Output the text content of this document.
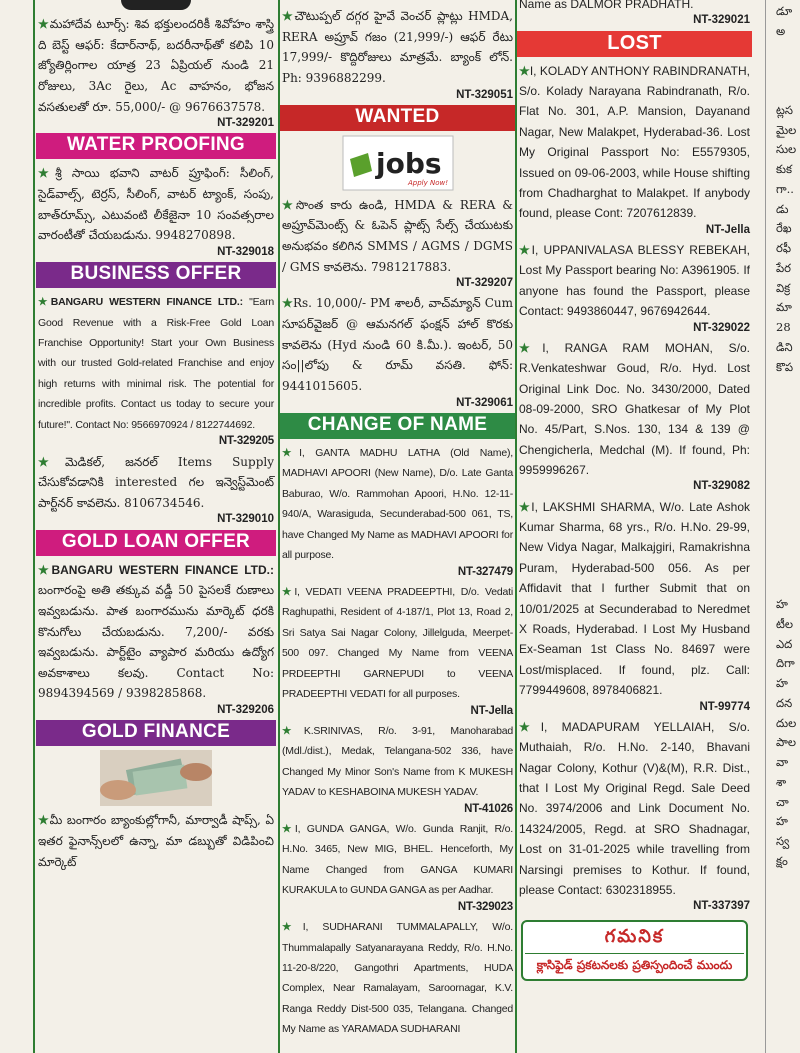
★మహాదేవ టూర్స్: శివ భక్తులందరికీ శివోహం శాస్త్రి ది బెస్ట్ ఆఫర్: కేదార్‌నాథ్, బదరీనాథ్‌తో కలిపి 10 జ్యోతిర్లింగాల యాత్ర 23 ఏప్రియల్ నుండి 21 రోజులు, 3Ac రైలు, Ac వాహనం, భోజన వసతులతో రూ. 55,000/- @ 9676637578.
NT-329201
WATER PROOFING
★శ్రీ సాయి భవాని వాటర్ ప్రూఫింగ్: సీలింగ్, సైడ్‌వాల్స్, టెర్రస్, సీలింగ్, వాటర్ ట్యాంక్, సంపు, బాత్‌రూమ్స్, ఎటువంటి లీకేజైనా 10 సంవత్సరాల వారంటీతో చేయబడును. 9948270898.
NT-329018
BUSINESS OFFER
★BANGARU WESTERN FINANCE LTD.: "Earn Good Revenue with a Risk-Free Gold Loan Franchise Opportunity! Start your Own Business with our trusted Gold-related Franchise and enjoy high returns with minimal risk. The potential for incredible profits. Contact us today to secure your future!". Contact No: 9566970924 / 8122744692.
NT-329205
★మెడికల్, జనరల్ Items Supply చేసుకోవడానికి interested గల ఇన్వెస్ట్‌మెంట్ పార్ట్‌నర్ కావలెను. 8106734546.
NT-329010
GOLD LOAN OFFER
★BANGARU WESTERN FINANCE LTD.: బంగారంపై అతి తక్కువ వడ్డీ 50 పైసలకే రుణాలు ఇవ్వబడును. పాత బంగారమును మార్కెట్ ధరకి కొనుగోలు చేయబడును. 7,200/- వరకు ఇవ్వబడును. పార్ట్‌టైం వ్యాపార మరియు ఉద్యోగ అవకాశాలు కలవు. Contact No: 9894394569 / 9398285868.
NT-329206
GOLD FINANCE
★మీ బంగారం బ్యాంకుల్లోగానీ, మార్వాడీ షాప్స్, ఏ ఇతర ఫైనాన్స్‌లలో ఉన్నా, మా డబ్బుతో విడిపించి మార్కెట్
★చౌటుప్పల్ దగ్గర హైవే వెంచర్ ప్లాట్లు HMDA, RERA అప్రూవ్ గజం (21,999/-) ఆఫర్ రేటు 17,999/- కొద్దిరోజులు మాత్రమే. బ్యాంక్ లోన్. Ph: 9396882299.
NT-329051
WANTED
jobs
Apply Now!
★సొంత కారు ఉండి, HMDA & RERA & అప్రూవ్‌మెంట్స్ & ఓపెన్ ప్లాట్స్ సేల్స్ చేయుటకు అనుభవం కలిగిన SMMS / AGMS / DGMS / GMS కావలెను. 7981217883.
NT-329207
★Rs. 10,000/- PM శాలరీ, వాచ్‌మ్యాన్ Cum సూపర్‌వైజర్ @ ఆమనగల్ ఫంక్షన్ హాల్ కొరకు కావలెను (Hyd నుండి 60 కి.మీ.). ఇంటర్, 50 సం||లోపు & రూమ్ వసతి. ఫోన్: 9441015605.
NT-329061
CHANGE OF NAME
★I, GANTA MADHU LATHA (Old Name), MADHAVI APOORI (New Name), D/o. Late Ganta Baburao, W/o. Rammohan Apoori, H.No. 12-11-940/A, Warasiguda, Secunderabad-500 061, TS, have Changed My Name as MADHAVI APOORI for all purpose.
NT-327479
★I, VEDATI VEENA PRADEEPTHI, D/o. Vedati Raghupathi, Resident of 4-187/1, Plot 13, Road 2, Sri Satya Sai Nagar Colony, Jillelguda, Meerpet-500 097. Changed My Name from VEENA PRDEEPTHI GARNEPUDI to VEENA PRADEEPTHI VEDATI for all purposes.
NT-Jella
★K.SRINIVAS, R/o. 3-91, Manoharabad (Mdl./dist.), Medak, Telangana-502 336, have Changed My Minor Son's Name from K MUKESH YADAV to KESHABOINA MUKESH YADAV.
NT-41026
★I, GUNDA GANGA, W/o. Gunda Ranjit, R/o. H.No. 3465, New MIG, BHEL. Henceforth, My Name Changed from GANGA KUMARI KURAKULA to GUNDA GANGA as per Aadhar.
NT-329023
★I, SUDHARANI TUMMALAPALLY, W/o. Thummalapally Satyanarayana Reddy, R/o. H.No. 11-20-8/220, Gangothri Apartments, HUDA Complex, Near Ramalayam, Saroornagar, K.V. Ranga Reddy Dist-500 035, Telangana. Changed My Name as YARAMADA SUDHARANI
Name as DALMOR PRADHATH.
NT-329021
LOST
★I, KOLADY ANTHONY RABINDRANATH, S/o. Kolady Narayana Rabindranath, R/o. Flat No. 301, A.P. Mansion, Dayanand Nagar, New Malakpet, Hyderabad-36. Lost My Original Passport No: E5579305, Issued on 09-06-2003, while House shifting from Chadharghat to Malakpet. If anybody found, please Cont: 7207612839.
NT-Jella
★I, UPPANIVALASA BLESSY REBEKAH, Lost My Passport bearing No: A3961905. If anyone has found the Passport, please Contact: 9493860447, 9676942644.
NT-329022
★I, RANGA RAM MOHAN, S/o. R.Venkateshwar Goud, R/o. Hyd. Lost Original Link Doc. No. 3430/2000, Dated 08-09-2000, SRO Ghatkesar of My Plot No. 45/Part, S.Nos. 130, 134 & 139 @ Chengicherla, Medchal (M). If found, Ph: 9959996267.
NT-329082
★I, LAKSHMI SHARMA, W/o. Late Ashok Kumar Sharma, 68 yrs., R/o. H.No. 29-99, New Vidya Nagar, Malkajgiri, Ramakrishna Puram, Hyderabad-500 056. As per Affidavit that I further Submit that on 10/01/2025 at Secunderabad to Neredmet X Roads, Hyderabad. I Lost My Husband Ex-Seaman 1st Class No. 84697 were Lost/misplaced. If found, plz. Call: 7799449608, 8978406821.
NT-99774
★I, MADAPURAM YELLAIAH, S/o. Muthaiah, R/o. H.No. 2-140, Bhavani Nagar Colony, Kothur (V)&(M), R.R. Dist., that I Lost My Original Regd. Sale Deed No. 3974/2006 and Link Document No. 14324/2005, Regd. at SRO Shadnagar, Lost on 31-01-2025 while travelling from Narsingi premises to Kothur. If found, please Contact: 6302318955.
NT-337397
గమనిక
క్లాసిఫైడ్ ప్రకటనలకు ప్రతిస్పందించే ముందు
డూ
అ

ట్లస
మైల
సుల
కుక
గా..
డు
రేఖ
రఫీ
పేర
విక్ర
మా
28
డిని
కొప

హ
టీల
ఎద
దిగా
హ
దన
దుల
పాల
వా
శా
చా
హ
స్వ
క్షం
